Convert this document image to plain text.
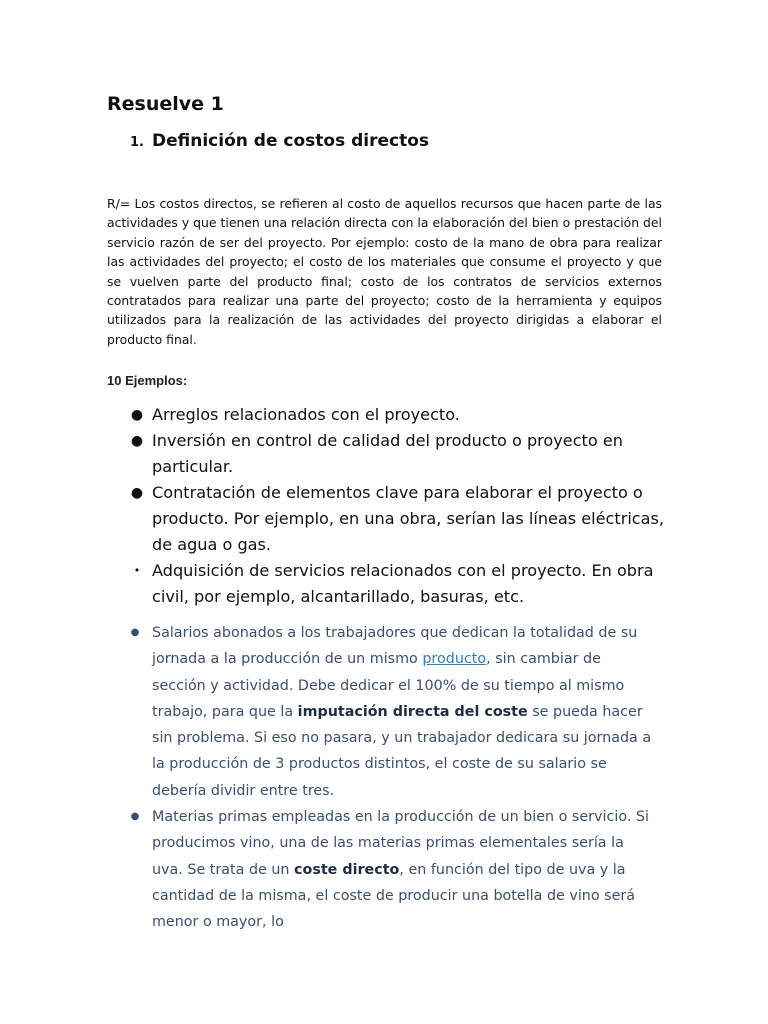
Resuelve 1
1. Definición de costos directos

R/= Los costos directos, se refieren al costo de aquellos recursos que hacen parte de las actividades y que tienen una relación directa con la elaboración del bien o prestación del servicio razón de ser del proyecto. Por ejemplo: costo de la mano de obra para realizar las actividades del proyecto; el costo de los materiales que consume el proyecto y que se vuelven parte del producto final; costo de los contratos de servicios externos contratados para realizar una parte del proyecto; costo de la herramienta y equipos utilizados para la realización de las actividades del proyecto dirigidas a elaborar el producto final.

10 Ejemplos:
● Arreglos relacionados con el proyecto.
● Inversión en control de calidad del producto o proyecto en particular.
● Contratación de elementos clave para elaborar el proyecto o producto. Por ejemplo, en una obra, serían las líneas eléctricas, de agua o gas.
• Adquisición de servicios relacionados con el proyecto. En obra civil, por ejemplo, alcantarillado, basuras, etc.
● Salarios abonados a los trabajadores que dedican la totalidad de su jornada a la producción de un mismo producto, sin cambiar de sección y actividad. Debe dedicar el 100% de su tiempo al mismo trabajo, para que la imputación directa del coste se pueda hacer sin problema. Si eso no pasara, y un trabajador dedicara su jornada a la producción de 3 productos distintos, el coste de su salario se debería dividir entre tres.
● Materias primas empleadas en la producción de un bien o servicio. Si producimos vino, una de las materias primas elementales sería la uva. Se trata de un coste directo, en función del tipo de uva y la cantidad de la misma, el coste de producir una botella de vino será menor o mayor, lo
